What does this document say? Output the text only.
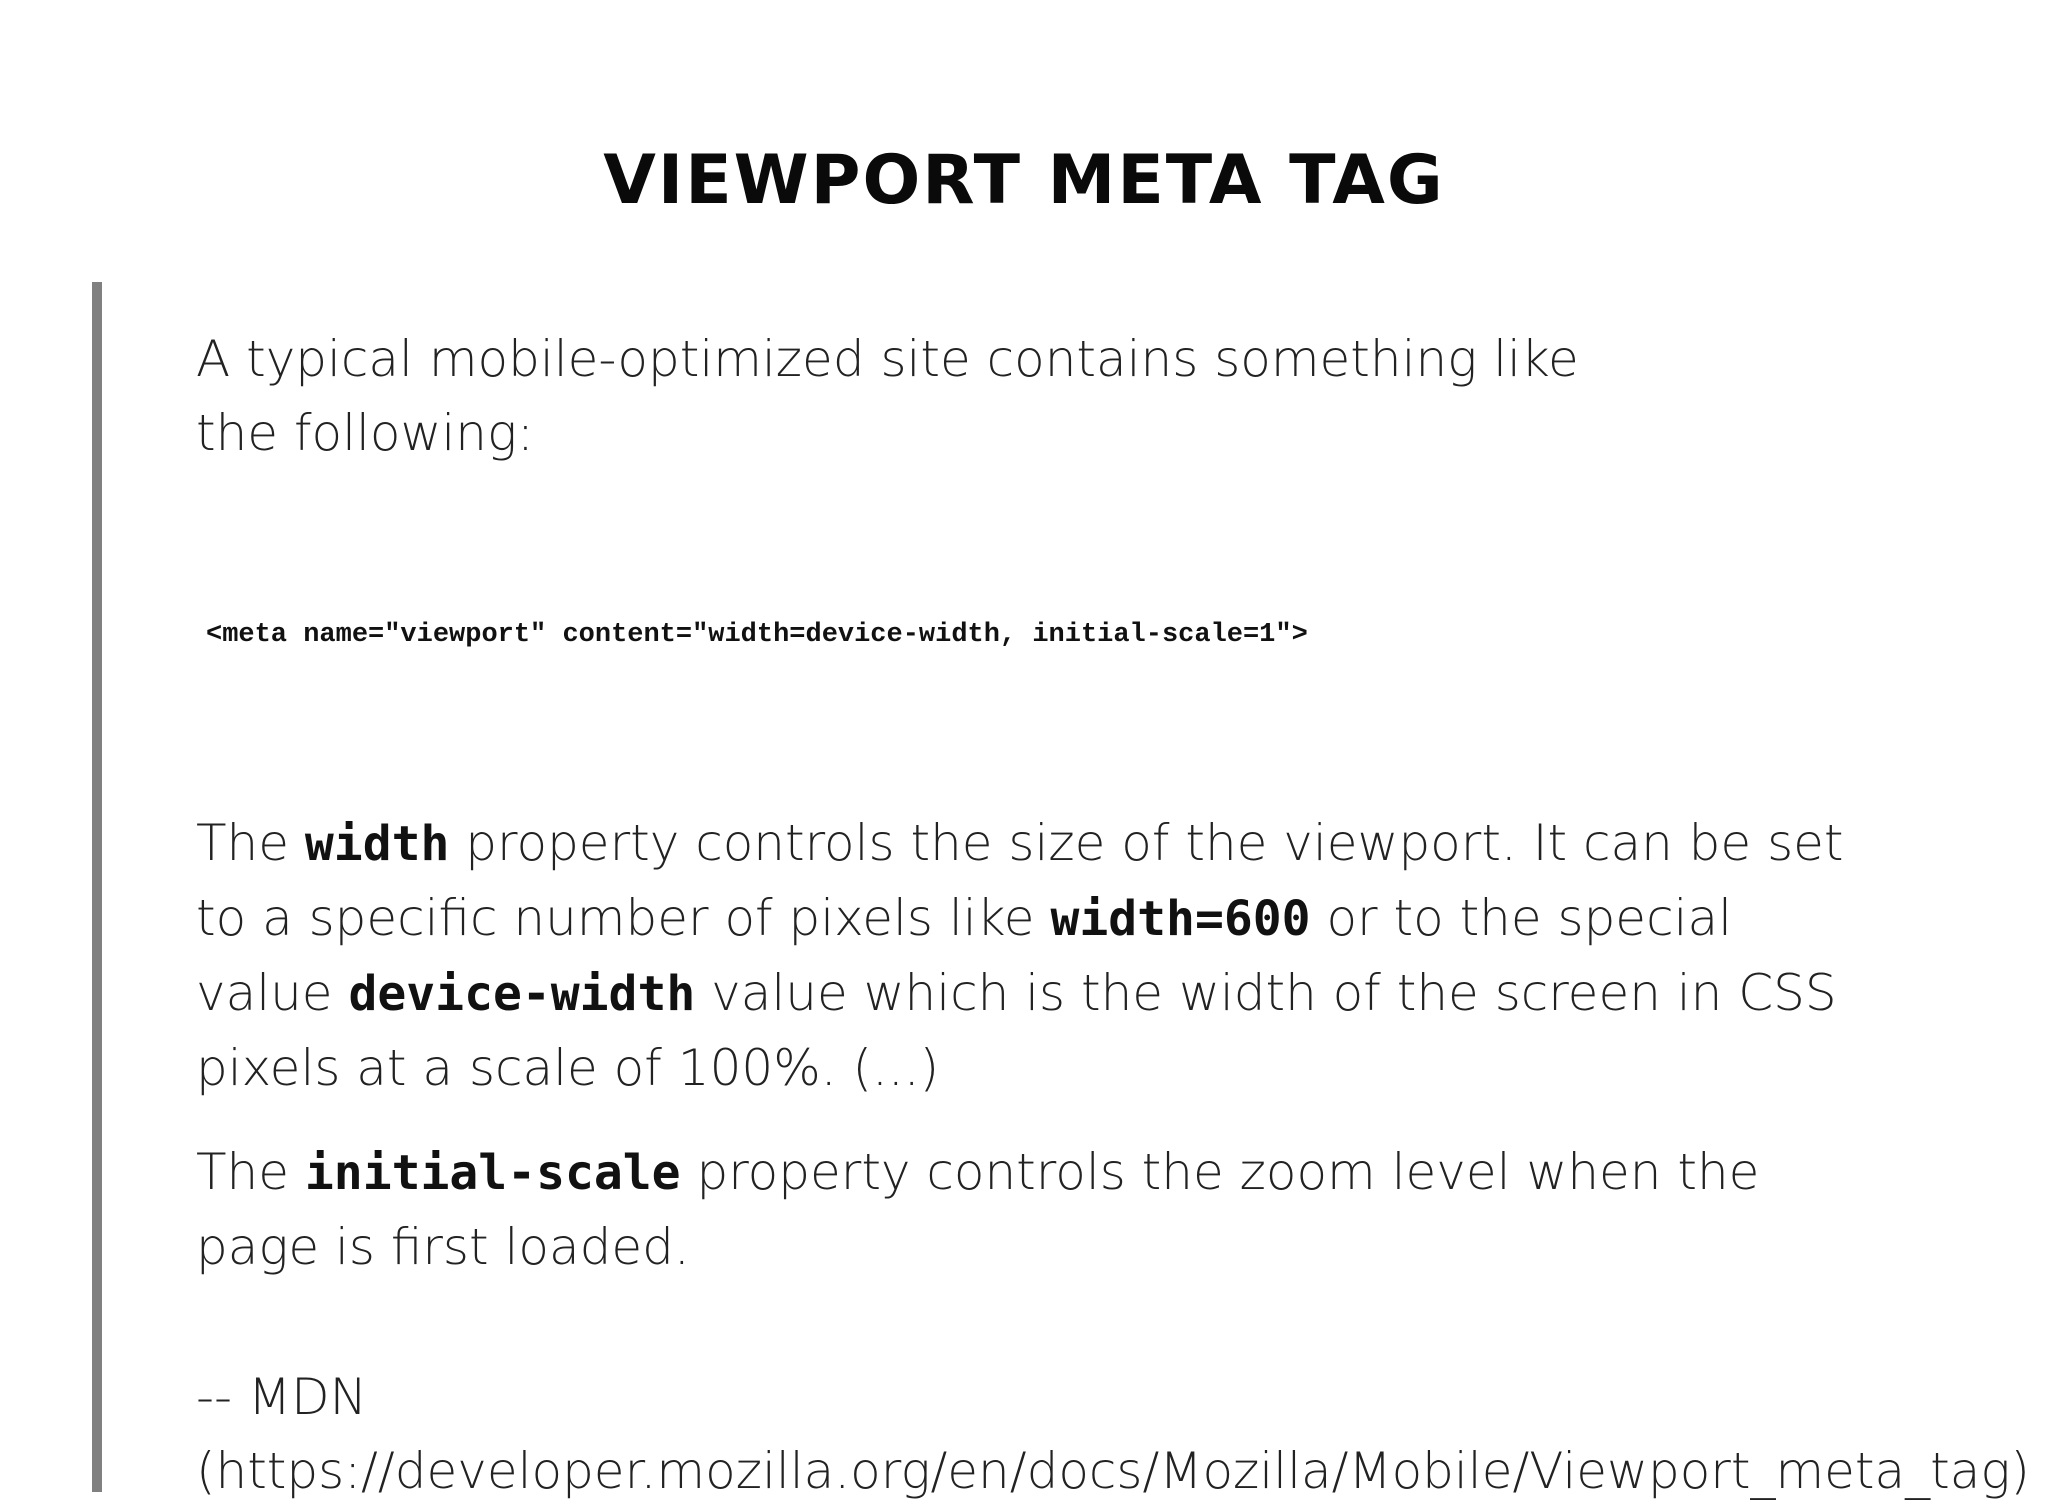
VIEWPORT META TAG

A typical mobile-optimized site contains something like the following:

<meta name="viewport" content="width=device-width, initial-scale=1">

The width property controls the size of the viewport. It can be set to a specific number of pixels like width=600 or to the special value device-width value which is the width of the screen in CSS pixels at a scale of 100%. (...)

The initial-scale property controls the zoom level when the page is first loaded.

-- MDN
(https://developer.mozilla.org/en/docs/Mozilla/Mobile/Viewport_meta_tag)
